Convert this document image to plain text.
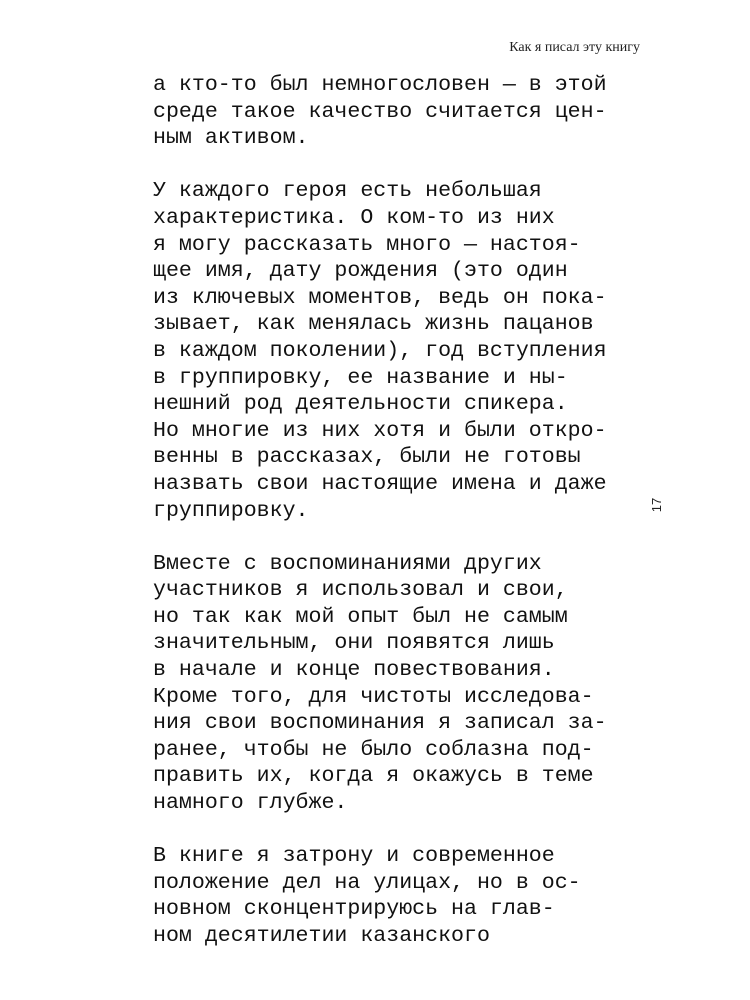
Как я писал эту книгу
а кто-то был немногословен — в этой
среде такое качество считается цен-
ным активом.
У каждого героя есть небольшая
характеристика. О ком-то из них
я могу рассказать много — настоя-
щее имя, дату рождения (это один
из ключевых моментов, ведь он пока-
зывает, как менялась жизнь пацанов
в каждом поколении), год вступления
в группировку, ее название и ны-
нешний род деятельности спикера.
Но многие из них хотя и были откро-
венны в рассказах, были не готовы
назвать свои настоящие имена и даже
группировку.
Вместе с воспоминаниями других
участников я использовал и свои,
но так как мой опыт был не самым
значительным, они появятся лишь
в начале и конце повествования.
Кроме того, для чистоты исследова-
ния свои воспоминания я записал за-
ранее, чтобы не было соблазна под-
править их, когда я окажусь в теме
намного глубже.
В книге я затрону и современное
положение дел на улицах, но в ос-
новном сконцентрируюсь на глав-
ном десятилетии казанского
17
